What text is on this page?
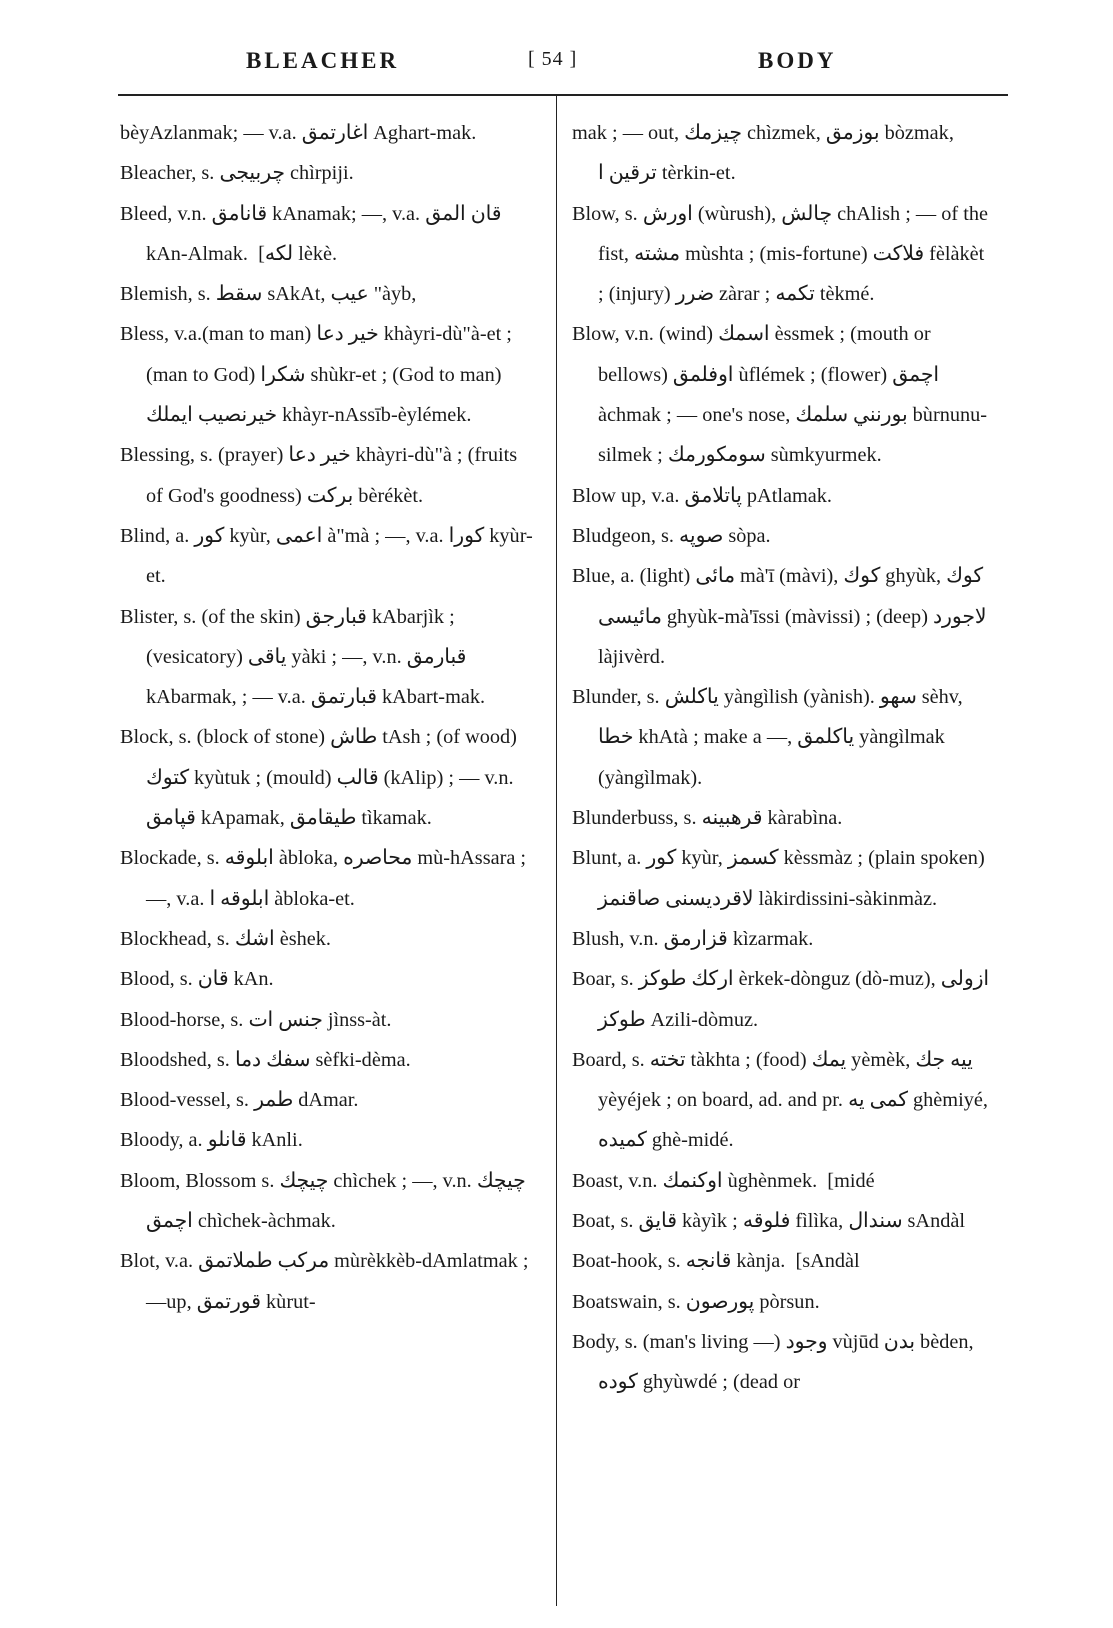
BLEACHER	[ 54 ]	BODY

bèyAzlanmak; — v.a. اغارتمق Aghart-mak.

Bleacher, s. چربیجی chìrpiji.

Bleed, v.n. قانامق kAnamak; —, v.a. قان المق kAn-Almak.  [لکه lèkè.

Blemish, s. سقط sAkAt, عیب "àyb,

Bless, v.a.(man to man) خیر دعا khàyri-dù"à-et ; (man to God) شکرا shùkr-et ; (God to man) خیرنصیب ایملك khàyr-nAssīb-èylémek.

Blessing, s. (prayer) خیر دعا khàyri-dù"à ; (fruits of God's goodness) برکت bèrékèt.

Blind, a. کور kyùr, اعمی à"mà ; —, v.a. کورا kyùr-et.

Blister, s. (of the skin) قبارجق kAbarjìk ; (vesicatory) یاقی yàki ; —, v.n. قبارمق kAbarmak, ; — v.a. قبارتمق kAbart-mak.

Block, s. (block of stone) طاش tAsh ; (of wood) کتوك kyùtuk ; (mould) قالب (kAlip) ; — v.n. قپامق kApamak, طیقامق tìkamak.

Blockade, s. ابلوقه àbloka, محاصره mù-hAssara ; —, v.a. ابلوقه ا àbloka-et.

Blockhead, s. اشك èshek.

Blood, s. قان kAn.

Blood-horse, s. جنس ات jìnss-àt.

Bloodshed, s. سفك دما sèfki-dèma.

Blood-vessel, s. طمر dAmar.

Bloody, a. قانلو kAnli.

Bloom, Blossom s. چیچك chìchek ; —, v.n. چیچك اچمق chìchek-àchmak.

Blot, v.a. مرکب طملاتمق mùrèkkèb-dAmlatmak ; —up, قورتمق kùrut-

mak ; — out, چیزمك chìzmek, بوزمق bòzmak, ترقین ا tèrkin-et.

Blow, s. اورش (wùrush), چالش chAlish ; — of the fist, مشته mùshta ; (mis-fortune) فلاکت fèlàkèt ; (injury) ضرر zàrar ; تکمه tèkmé.

Blow, v.n. (wind) اسمك èssmek ; (mouth or bellows) اوفلمق ùflémek ; (flower) اچمق àchmak ; — one's nose, بورنني سلمك bùrnunu-silmek ; سومکورمك sùmkyurmek.

Blow up, v.a. پاتلامق pAtlamak.

Bludgeon, s. صوپه sòpa.

Blue, a. (light) مائی mà'ī (màvi), کوك ghyùk, کوك مائیسی ghyùk-mà'īssi (màvissi) ; (deep) لاجورد làjivèrd.

Blunder, s. یاکلش yàngìlish (yànish). سهو sèhv, خطا khAtà ; make a —, یاکلمق yàngìlmak (yàngìlmak).

Blunderbuss, s. قرهبینه kàrabìna.

Blunt, a. کور kyùr, کسمز kèssmàz ; (plain spoken) لاقردیسنی صاقنمز làkirdissini-sàkinmàz.

Blush, v.n. قزارمق kìzarmak.

Boar, s. ارکك طوکز èrkek-dònguz (dò-muz), ازولی طوکز Azili-dòmuz.

Board, s. تخته tàkhta ; (food) یمك yèmèk, ییه جك yèyéjek ; on board, ad. and pr. کمی یه ghèmiyé, کمیده ghè-midé.

Boast, v.n. اوکنمك ùghènmek.  [midé

Boat, s. قایق kàyìk ; فلوقه fìlìka, سندال sAndàl

Boat-hook, s. قانجه kànja.  [sAndàl

Boatswain, s. پورصون pòrsun.

Body, s. (man's living —) وجود vùjūd بدن bèden, کوده ghyùwdé ; (dead or
